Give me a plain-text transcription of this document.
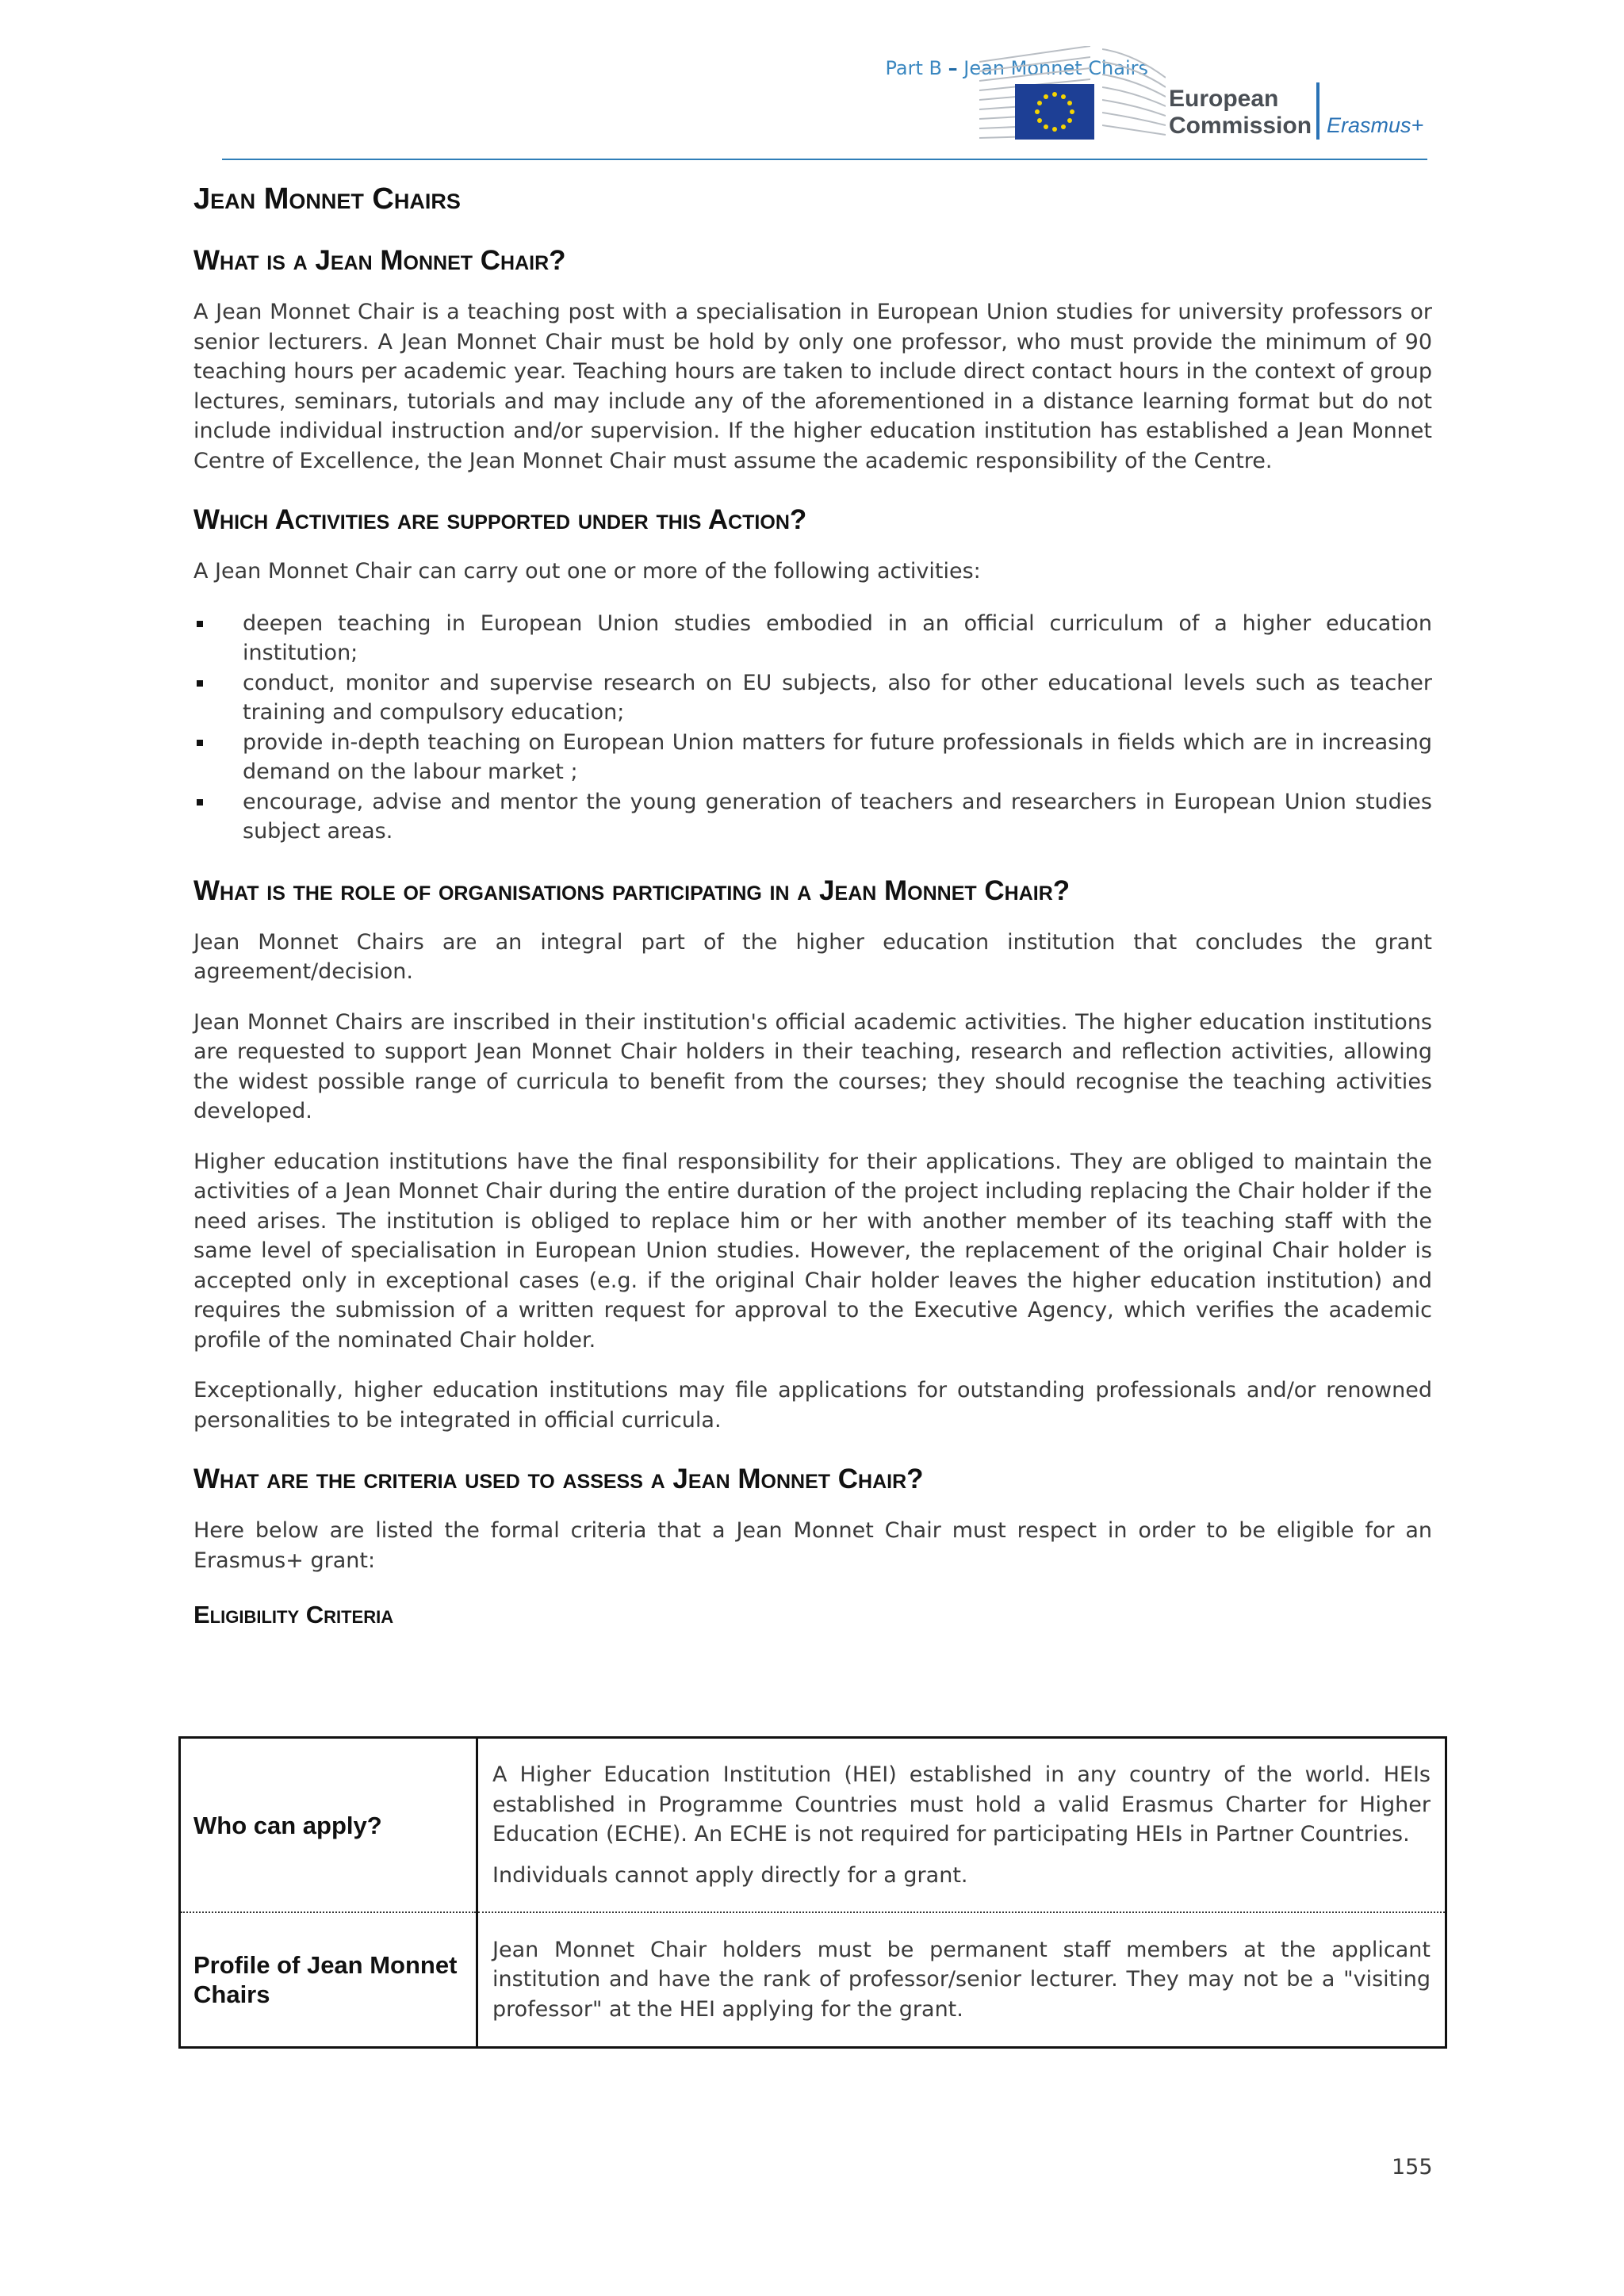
Part B – Jean Monnet Chairs
European
Commission Erasmus+
Jean Monnet Chairs
What is a Jean Monnet Chair?

A Jean Monnet Chair is a teaching post with a specialisation in European Union studies for university professors or senior lecturers. A Jean Monnet Chair must be hold by only one professor, who must provide the minimum of 90 teaching hours per academic year. Teaching hours are taken to include direct contact hours in the context of group lectures, seminars, tutorials and may include any of the aforementioned in a distance learning format but do not include individual instruction and/or supervision. If the higher education institution has established a Jean Monnet Centre of Excellence, the Jean Monnet Chair must assume the academic responsibility of the Centre.

Which Activities are supported under this Action?

A Jean Monnet Chair can carry out one or more of the following activities:

deepen teaching in European Union studies embodied in an official curriculum of a higher education institution;
conduct, monitor and supervise research on EU subjects, also for other educational levels such as teacher training and compulsory education;
provide in-depth teaching on European Union matters for future professionals in fields which are in increasing demand on the labour market ;
encourage, advise and mentor the young generation of teachers and researchers in European Union studies subject areas.
What is the role of organisations participating in a Jean Monnet Chair?

Jean Monnet Chairs are an integral part of the higher education institution that concludes the grant agreement/decision.

Jean Monnet Chairs are inscribed in their institution's official academic activities. The higher education institutions are requested to support Jean Monnet Chair holders in their teaching, research and reflection activities, allowing the widest possible range of curricula to benefit from the courses; they should recognise the teaching activities developed.

Higher education institutions have the final responsibility for their applications. They are obliged to maintain the activities of a Jean Monnet Chair during the entire duration of the project including replacing the Chair holder if the need arises. The institution is obliged to replace him or her with another member of its teaching staff with the same level of specialisation in European Union studies. However, the replacement of the original Chair holder is accepted only in exceptional cases (e.g. if the original Chair holder leaves the higher education institution) and requires the submission of a written request for approval to the Executive Agency, which verifies the academic profile of the nominated Chair holder.

Exceptionally, higher education institutions may file applications for outstanding professionals and/or renowned personalities to be integrated in official curricula.

What are the criteria used to assess a Jean Monnet Chair?

Here below are listed the formal criteria that a Jean Monnet Chair must respect in order to be eligible for an Erasmus+ grant:

Eligibility Criteria
Who can apply?	A Higher Education Institution (HEI) established in any country of the world. HEIs established in Programme Countries must hold a valid Erasmus Charter for Higher Education (ECHE). An ECHE is not required for participating HEIs in Partner Countries.

Individuals cannot apply directly for a grant.

Profile of Jean Monnet Chairs	Jean Monnet Chair holders must be permanent staff members at the applicant institution and have the rank of professor/senior lecturer. They may not be a "visiting professor" at the HEI applying for the grant.

155
